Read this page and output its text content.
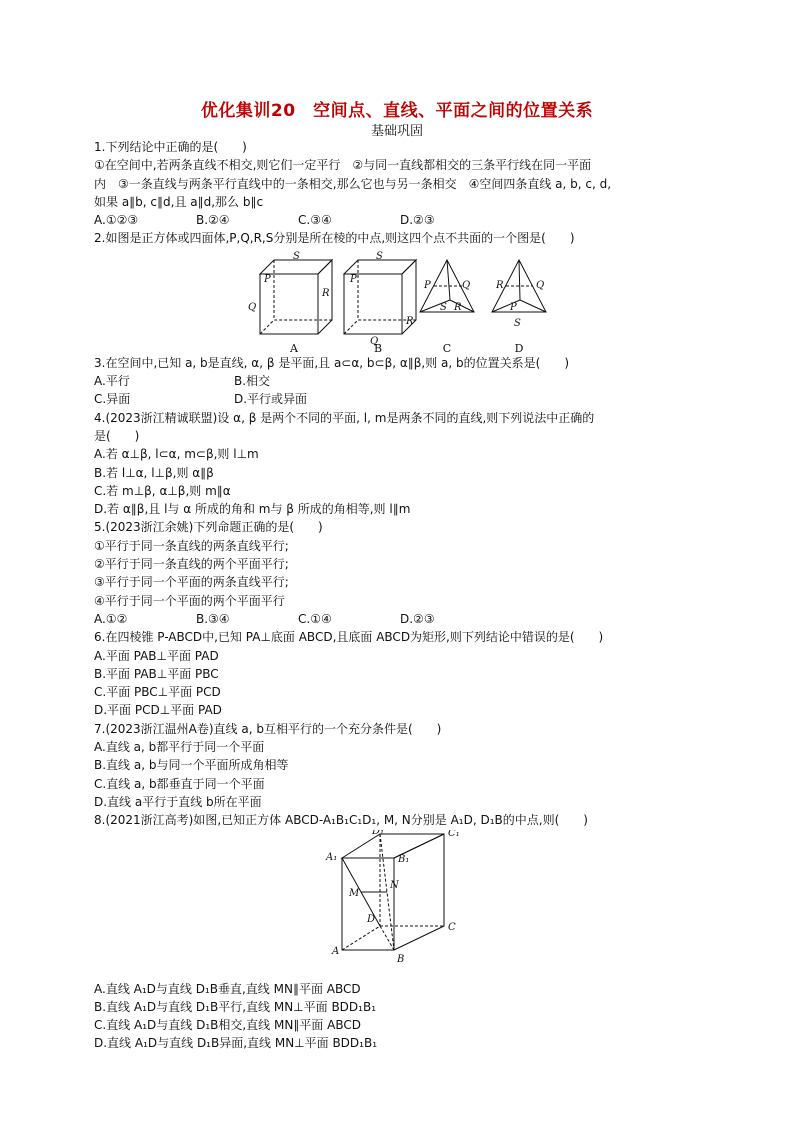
优化集训20　空间点、直线、平面之间的位置关系
基础巩固
1.下列结论中正确的是(　　)
①在空间中,若两条直线不相交,则它们一定平行　②与同一直线都相交的三条平行线在同一平面
内　③一条直线与两条平行直线中的一条相交,那么它也与另一条相交　④空间四条直线 a, b, c, d,
如果 a∥b, c∥d,且 a∥d,那么 b∥c
A.①②③	B.②④	C.③④	D.②③
2.如图是正方体或四面体,P,Q,R,S分别是所在棱的中点,则这四个点不共面的一个图是(　　)
P
S
R
Q
P
S
R
Q
P	Q
S R
R	Q
S
P
A	B	C	D
3.在空间中,已知 a, b是直线, α, β 是平面,且 a⊂α, b⊂β, α∥β,则 a, b的位置关系是(　　)
A.平行	B.相交
C.异面	D.平行或异面
4.(2023浙江精诚联盟)设 α, β 是两个不同的平面, l, m是两条不同的直线,则下列说法中正确的
是(　　)
A.若 α⊥β, l⊂α, m⊂β,则 l⊥m
B.若 l⊥α, l⊥β,则 α∥β
C.若 m⊥β, α⊥β,则 m∥α
D.若 α∥β,且 l与 α 所成的角和 m与 β 所成的角相等,则 l∥m
5.(2023浙江余姚)下列命题正确的是(　　)
①平行于同一条直线的两条直线平行;
②平行于同一条直线的两个平面平行;
③平行于同一个平面的两条直线平行;
④平行于同一个平面的两个平面平行
A.①②	B.③④	C.①④	D.②③
6.在四棱锥 P-ABCD中,已知 PA⊥底面 ABCD,且底面 ABCD为矩形,则下列结论中错误的是(　　)
A.平面 PAB⊥平面 PAD
B.平面 PAB⊥平面 PBC
C.平面 PBC⊥平面 PCD
D.平面 PCD⊥平面 PAD
7.(2023浙江温州A卷)直线 a, b互相平行的一个充分条件是(　　)
A.直线 a, b都平行于同一个平面
B.直线 a, b与同一个平面所成角相等
C.直线 a, b都垂直于同一个平面
D.直线 a平行于直线 b所在平面
8.(2021浙江高考)如图,已知正方体 ABCD-A₁B₁C₁D₁, M, N分别是 A₁D, D₁B的中点,则(　　)
D₁	C₁
A₁	B₁
M
N
D
C
A
B
A.直线 A₁D与直线 D₁B垂直,直线 MN∥平面 ABCD
B.直线 A₁D与直线 D₁B平行,直线 MN⊥平面 BDD₁B₁
C.直线 A₁D与直线 D₁B相交,直线 MN∥平面 ABCD
D.直线 A₁D与直线 D₁B异面,直线 MN⊥平面 BDD₁B₁
